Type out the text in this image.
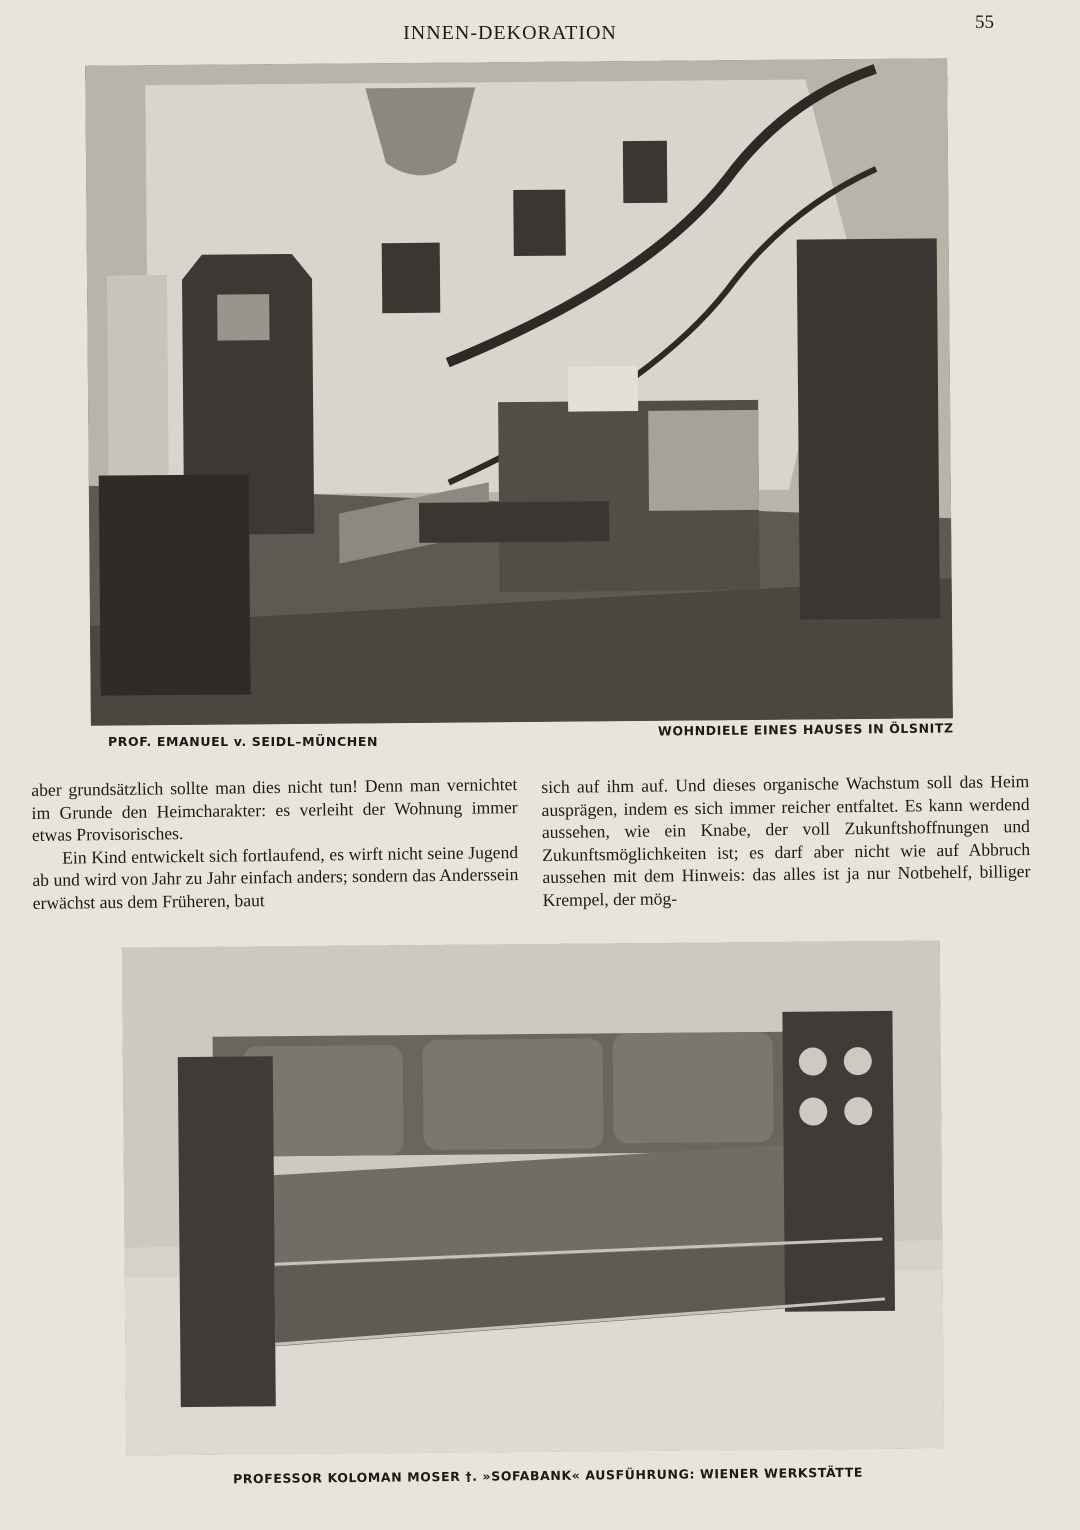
INNEN-DEKORATION	55
PROF. EMANUEL v. SEIDL–MÜNCHEN
WOHNDIELE EINES HAUSES IN ÖLSNITZ

aber grundsätzlich sollte man dies nicht tun! Denn man vernichtet im Grunde den Heimcharakter: es verleiht der Wohnung immer etwas Provisorisches.

Ein Kind entwickelt sich fortlaufend, es wirft nicht seine Jugend ab und wird von Jahr zu Jahr einfach anders; sondern das Anderssein erwächst aus dem Früheren, baut

sich auf ihm auf. Und dieses organische Wachstum soll das Heim ausprägen, indem es sich immer reicher entfaltet. Es kann werdend aussehen, wie ein Knabe, der voll Zukunftshoffnungen und Zukunftsmöglichkeiten ist; es darf aber nicht wie auf Abbruch aussehen mit dem Hinweis: das alles ist ja nur Notbehelf, billiger Krempel, der mög-

PROFESSOR KOLOMAN MOSER †. »SOFABANK« AUSFÜHRUNG: WIENER WERKSTÄTTE
